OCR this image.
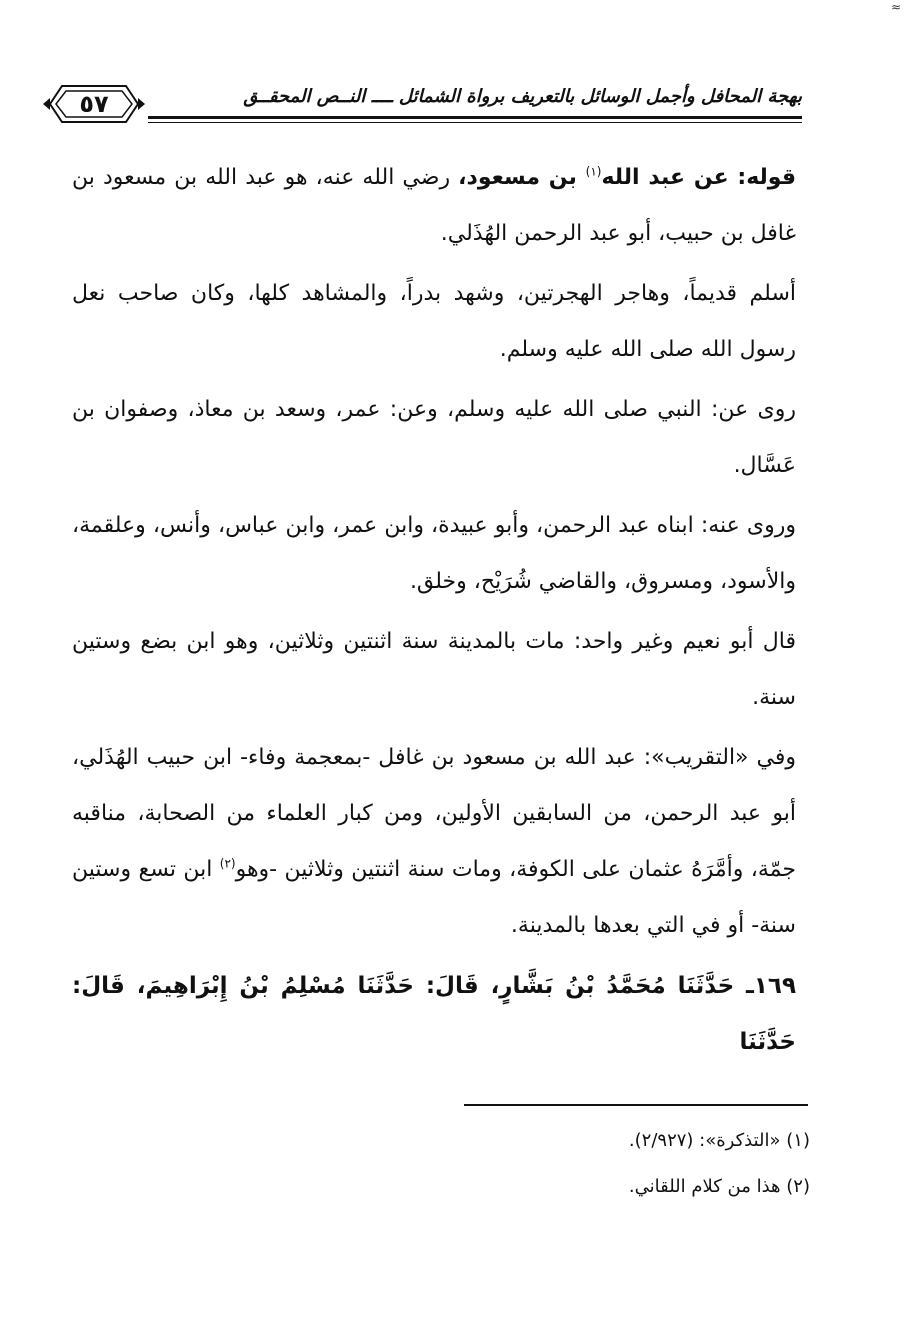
≈
٥٧	بهجة المحافل وأجمل الوسائل بالتعريف برواة الشمائل ــــ النــص المحقــق

قوله: عن عبد الله$^{(١)}$ بن مسعود، رضي الله عنه، هو عبد الله بن مسعود بن غافل بن حبيب، أبو عبد الرحمن الهُذَلي.

أسلم قديماً، وهاجر الهجرتين، وشهد بدراً، والمشاهد كلها، وكان صاحب نعل رسول الله صلى الله عليه وسلم.

روى عن: النبي صلى الله عليه وسلم، وعن: عمر، وسعد بن معاذ، وصفوان بن عَسَّال.

وروى عنه: ابناه عبد الرحمن، وأبو عبيدة، وابن عمر، وابن عباس، وأنس، وعلقمة، والأسود، ومسروق، والقاضي شُرَيْح، وخلق.

قال أبو نعيم وغير واحد: مات بالمدينة سنة اثنتين وثلاثين، وهو ابن بضع وستين سنة.

وفي «التقريب»: عبد الله بن مسعود بن غافل -بمعجمة وفاء- ابن حبيب الهُذَلي، أبو عبد الرحمن، من السابقين الأولين، ومن كبار العلماء من الصحابة، مناقبه جمّة، وأمَّرَهُ عثمان على الكوفة، ومات سنة اثنتين وثلاثين -وهو$^{(٢)}$ ابن تسع وستين سنة- أو في التي بعدها بالمدينة.

١٦٩ـ حَدَّثَنَا مُحَمَّدُ بْنُ بَشَّارٍ، قَالَ: حَدَّثَنَا مُسْلِمُ بْنُ إِبْرَاهِيمَ، قَالَ: حَدَّثَنَا

(١) «التذكرة»: (٢/٩٢٧).

(٢) هذا من كلام اللقاني.
